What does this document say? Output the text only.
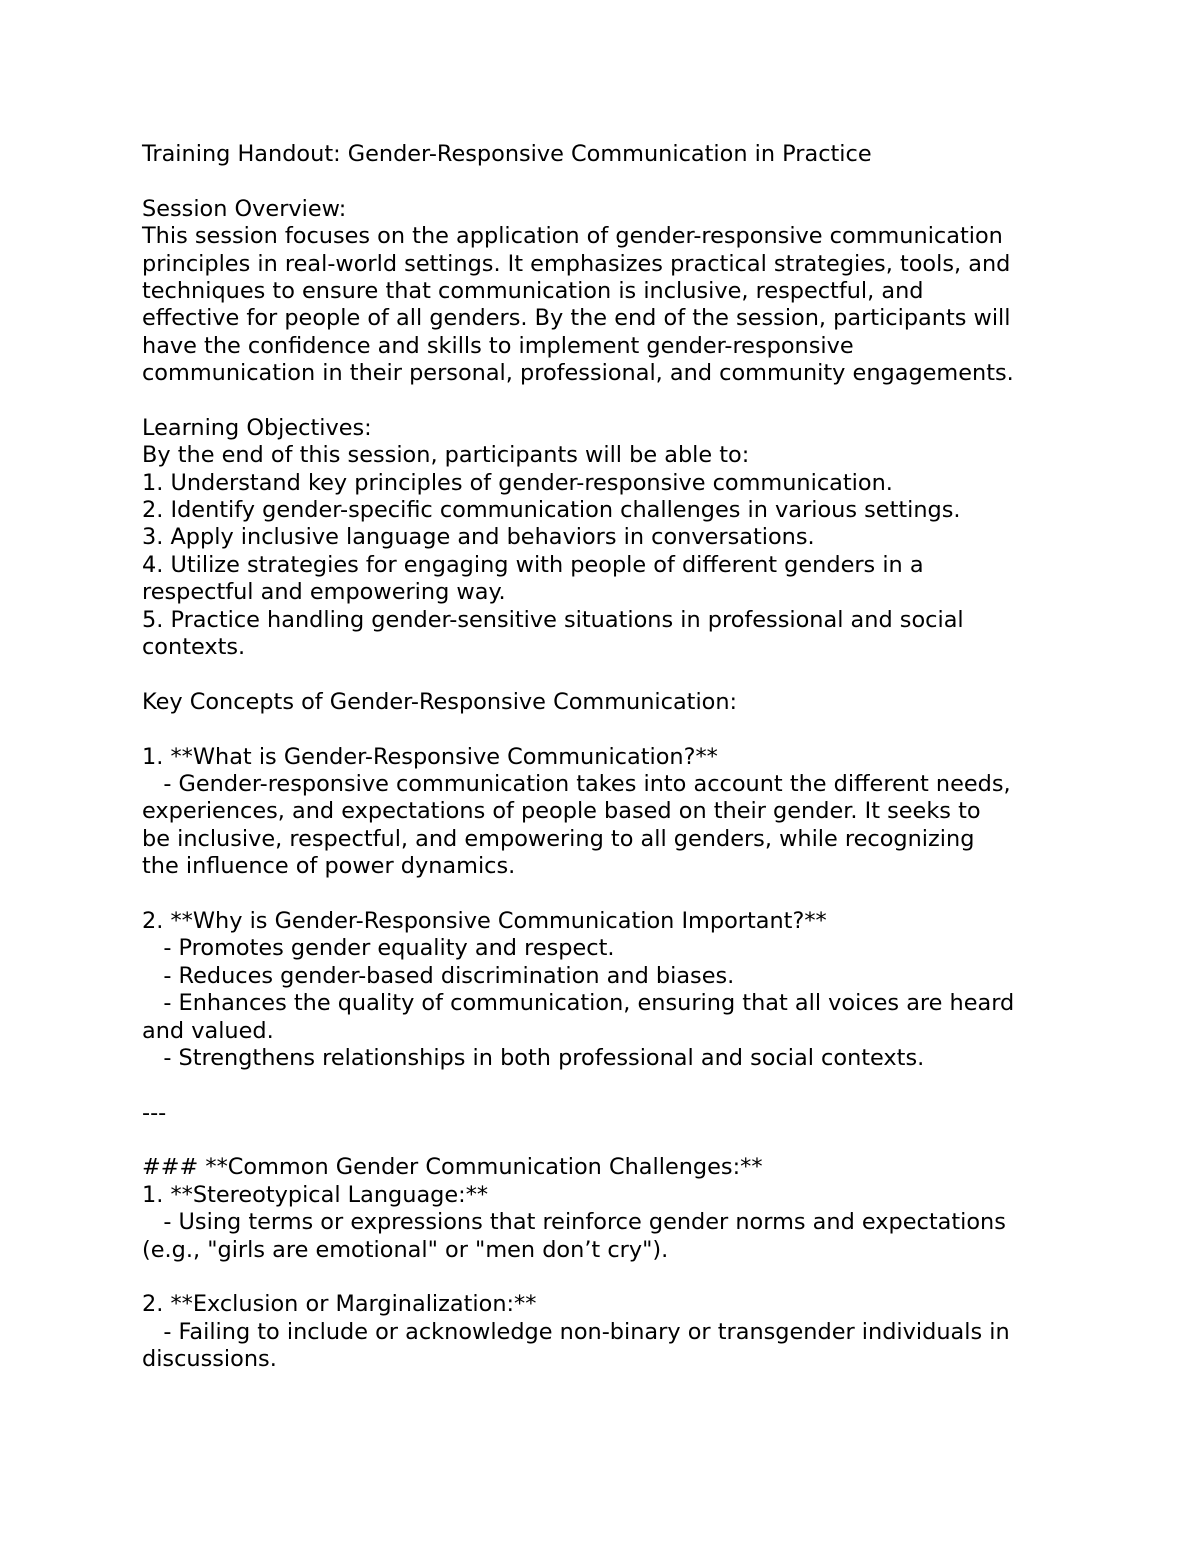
Training Handout: Gender-Responsive Communication in Practice
Session Overview:
This session focuses on the application of gender-responsive communication
principles in real-world settings. It emphasizes practical strategies, tools, and
techniques to ensure that communication is inclusive, respectful, and
effective for people of all genders. By the end of the session, participants will
have the confidence and skills to implement gender-responsive
communication in their personal, professional, and community engagements.
Learning Objectives:
By the end of this session, participants will be able to:
1. Understand key principles of gender-responsive communication.
2. Identify gender-specific communication challenges in various settings.
3. Apply inclusive language and behaviors in conversations.
4. Utilize strategies for engaging with people of different genders in a
respectful and empowering way.
5. Practice handling gender-sensitive situations in professional and social
contexts.
Key Concepts of Gender-Responsive Communication:
1. **What is Gender-Responsive Communication?**
- Gender-responsive communication takes into account the different needs,
experiences, and expectations of people based on their gender. It seeks to
be inclusive, respectful, and empowering to all genders, while recognizing
the influence of power dynamics.
2. **Why is Gender-Responsive Communication Important?**
- Promotes gender equality and respect.
- Reduces gender-based discrimination and biases.
- Enhances the quality of communication, ensuring that all voices are heard
and valued.
- Strengthens relationships in both professional and social contexts.
---
### **Common Gender Communication Challenges:**
1. **Stereotypical Language:**
- Using terms or expressions that reinforce gender norms and expectations
(e.g., "girls are emotional" or "men don’t cry").
2. **Exclusion or Marginalization:**
- Failing to include or acknowledge non-binary or transgender individuals in
discussions.
